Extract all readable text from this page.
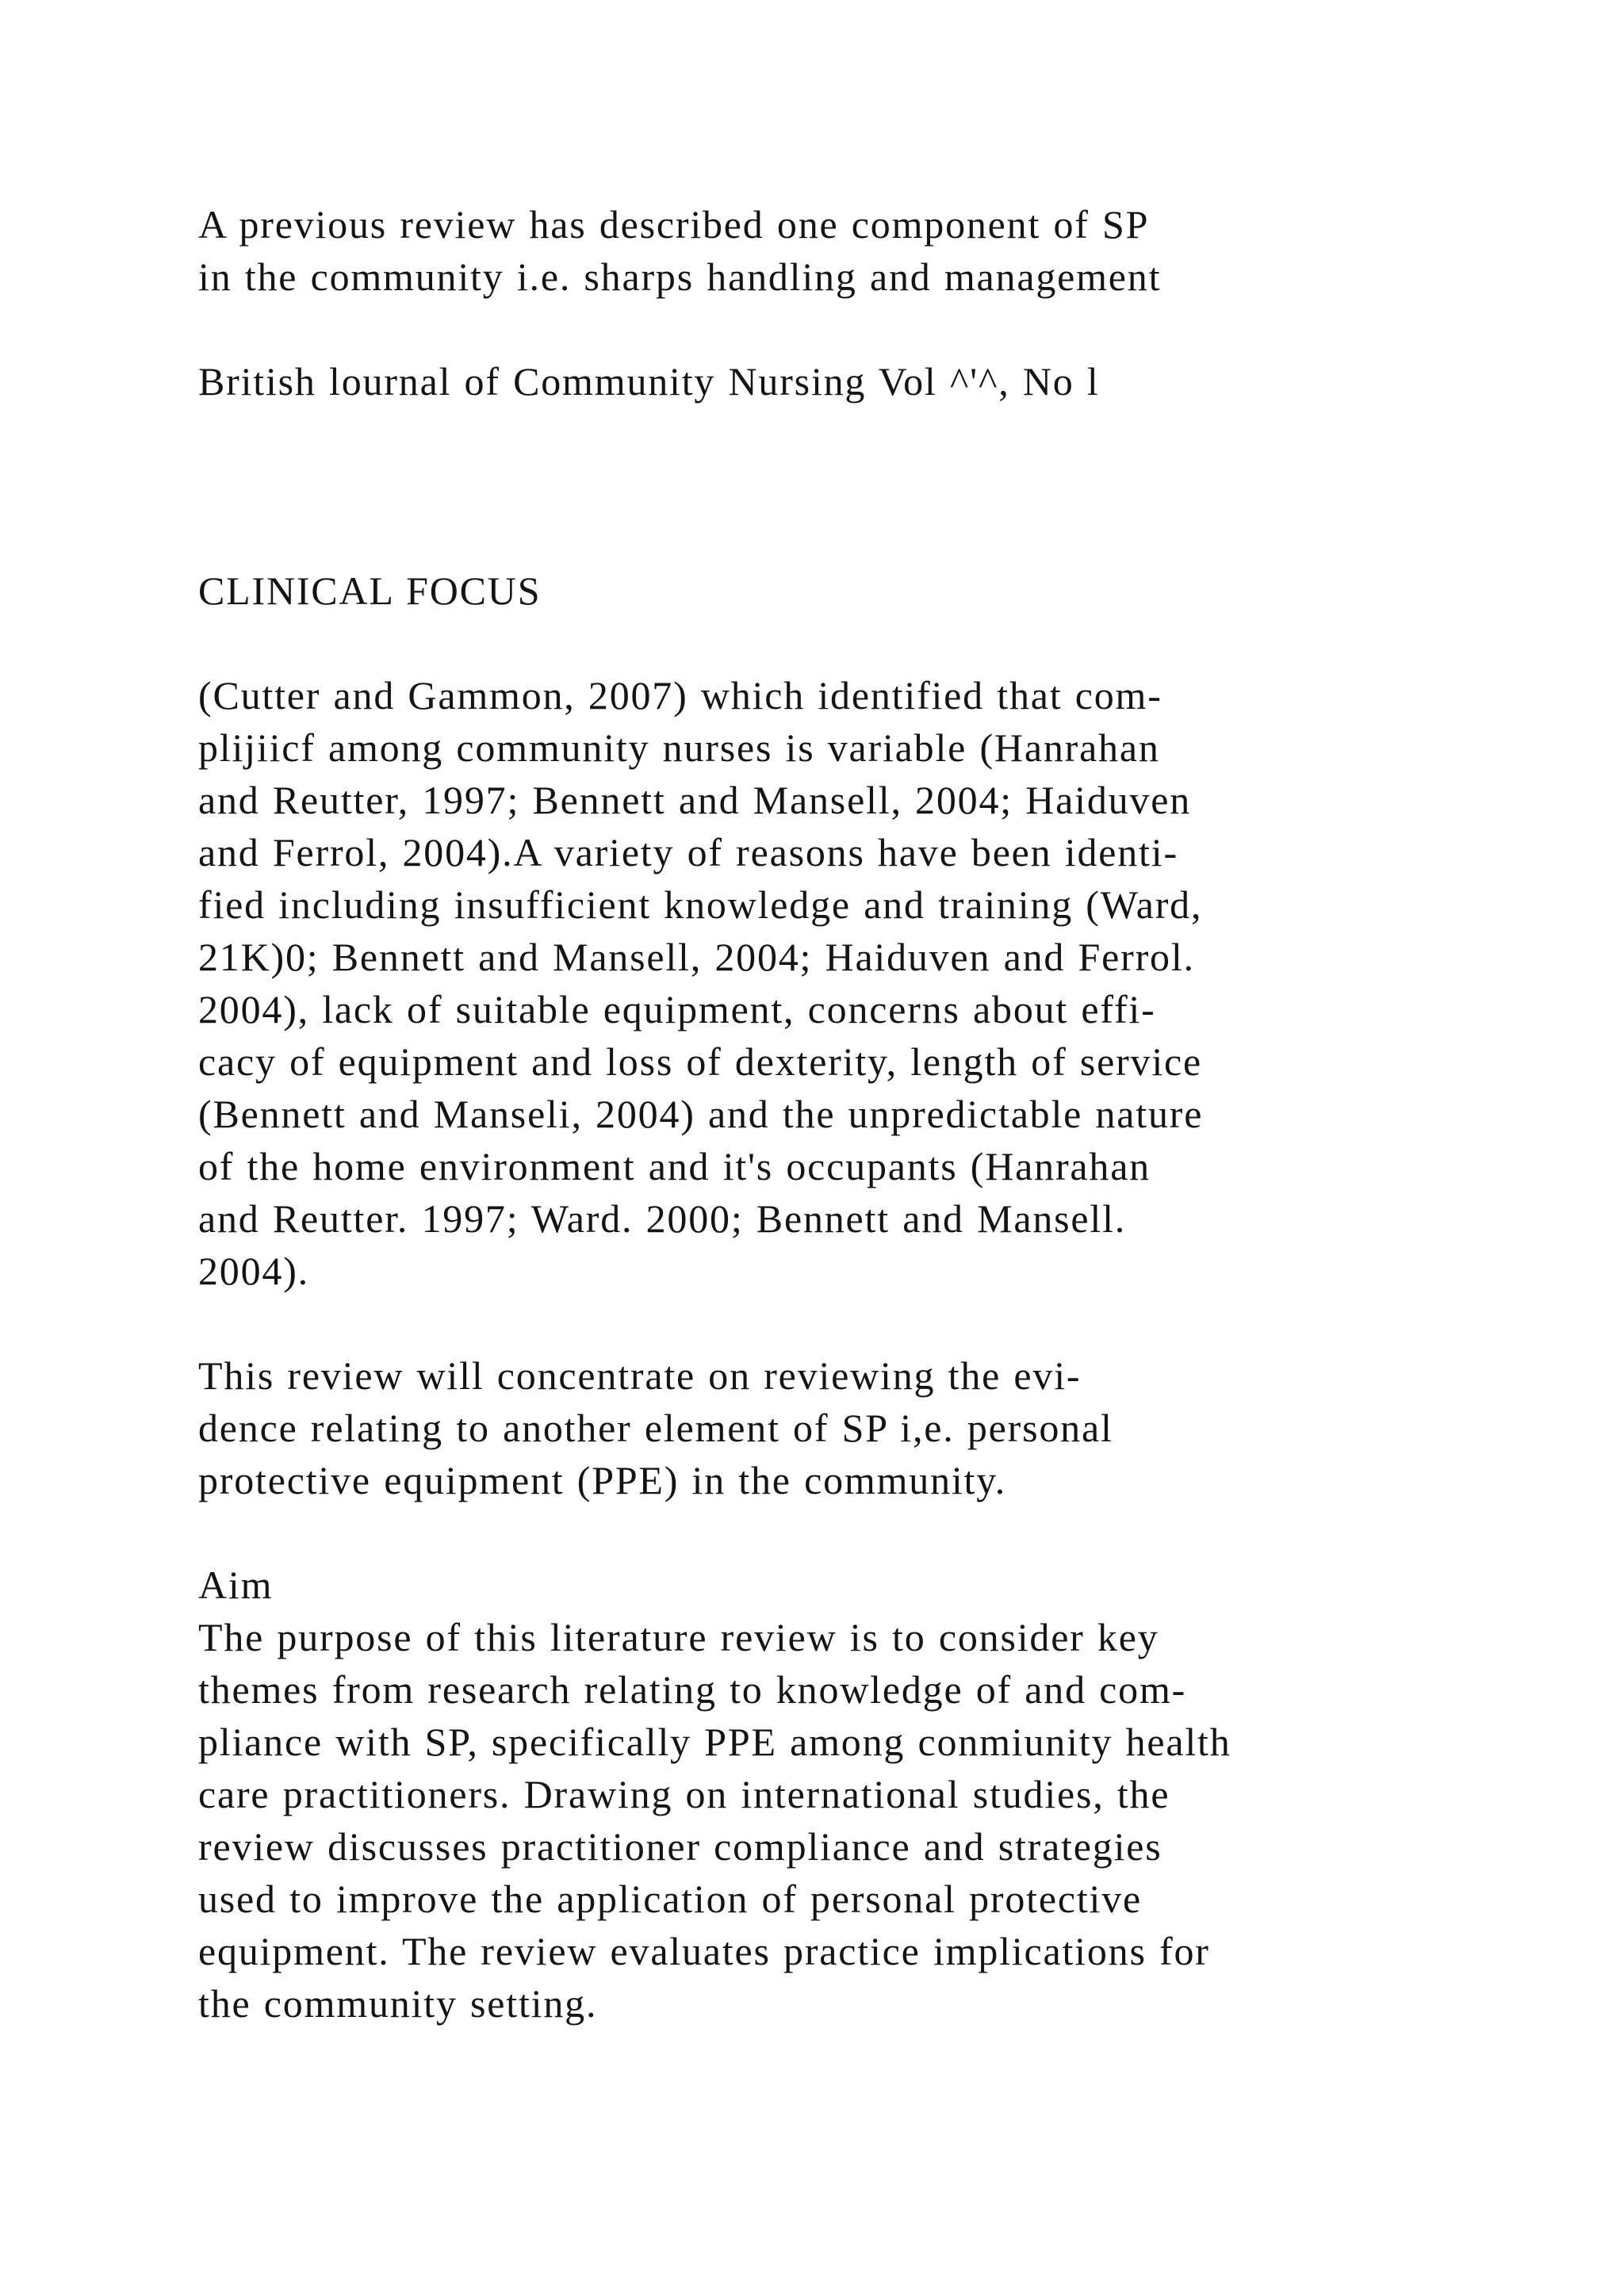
A previous review has described one component of SP
in the community i.e. sharps handling and management
British lournal of Community Nursing Vol ^'^, No l
CLINICAL FOCUS
(Cutter and Gammon, 2007) which identified that com-
plijiicf among community nurses is variable (Hanrahan
and Reutter, 1997; Bennett and Mansell, 2004; Haiduven
and Ferrol, 2004).A variety of reasons have been identi-
fied including insufficient knowledge and training (Ward,
21K)0; Bennett and Mansell, 2004; Haiduven and Ferrol.
2004), lack of suitable equipment, concerns about effi-
cacy of equipment and loss of dexterity, length of service
(Bennett and Manseli, 2004) and the unpredictable nature
of the home environment and it's occupants (Hanrahan
and Reutter. 1997; Ward. 2000; Bennett and Mansell.
2004).
This review will concentrate on reviewing the evi-
dence relating to another element of SP i,e. personal
protective equipment (PPE) in the community.
Aim
The purpose of this literature review is to consider key
themes from research relating to knowledge of and com-
pliance with SP, specifically PPE among conmiunity health
care practitioners. Drawing on international studies, the
review discusses practitioner compliance and strategies
used to improve the application of personal protective
equipment. The review evaluates practice implications for
the community setting.
